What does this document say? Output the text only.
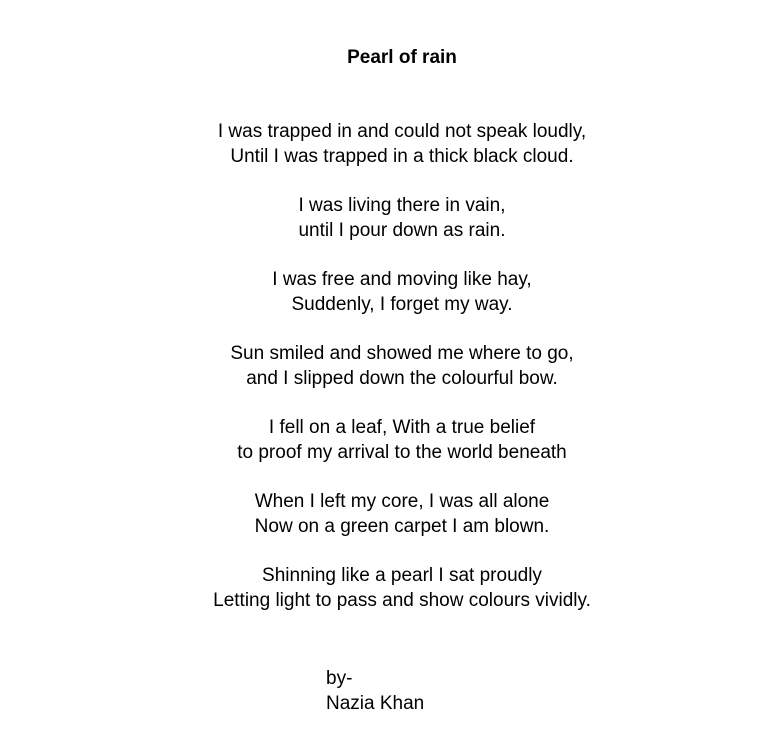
Pearl of rain
I was trapped in and could not speak loudly,
Until I was trapped in a thick black cloud.
I was living there in vain,
until I pour down as rain.
I was free and moving like hay,
Suddenly, I forget my way.
Sun smiled and showed me where to go,
and I slipped down the colourful bow.
I fell on a leaf, With a true belief
to proof my arrival to the world beneath
When I left my core, I was all alone
Now on a green carpet I am blown.
Shinning like a pearl I sat proudly
Letting light to pass and show colours vividly.
by-
Nazia Khan
